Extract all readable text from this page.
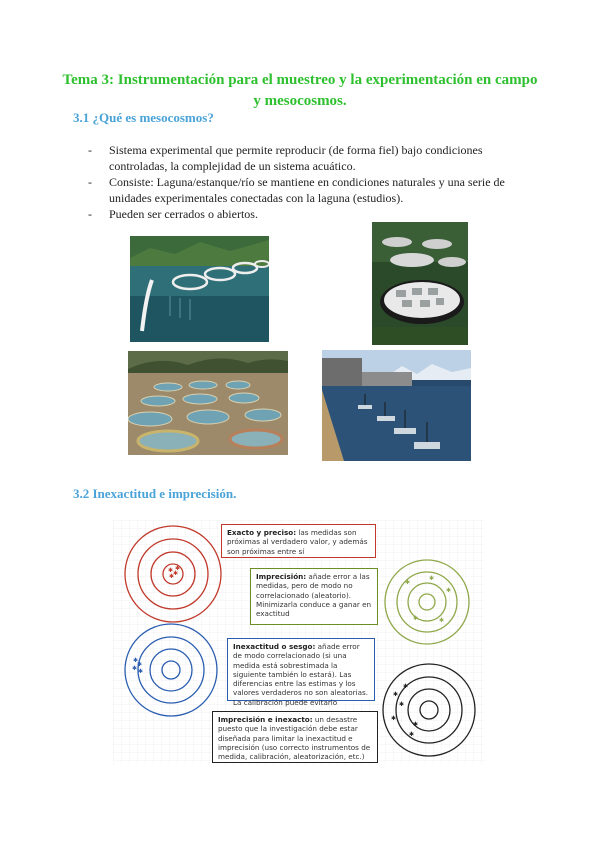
Tema 3: Instrumentación para el muestreo y la experimentación en campo y mesocosmos.
3.1 ¿Qué es mesocosmos?
- Sistema experimental que permite reproducir (de forma fiel) bajo condiciones controladas, la complejidad de un sistema acuático.
- Consiste: Laguna/estanque/río se mantiene en condiciones naturales y una serie de unidades experimentales conectadas con la laguna (estudios).
- Pueden ser cerrados o abiertos.
3.2 Inexactitud e imprecisión.
✱ ✱
✱
✱
✱
✱
✱	✱
✱
✱
✱
✱ ✱
✱
✱
✱
✱
✱
✱
Exacto y preciso: las medidas son próximas al verdadero valor, y además son próximas entre sí
Imprecisión: añade error a las medidas, pero de modo no correlacionado (aleatorio). Minimizarla conduce a ganar en exactitud
Inexactitud o sesgo: añade error de modo correlacionado (si una medida está sobrestimada la siguiente también lo estará). Las diferencias entre las estimas y los valores verdaderos no son aleatorias. La calibración puede evitarlo
Imprecisión e inexacto: un desastre puesto que la investigación debe estar diseñada para limitar la inexactitud e imprecisión (uso correcto instrumentos de medida, calibración, aleatorización, etc.)
